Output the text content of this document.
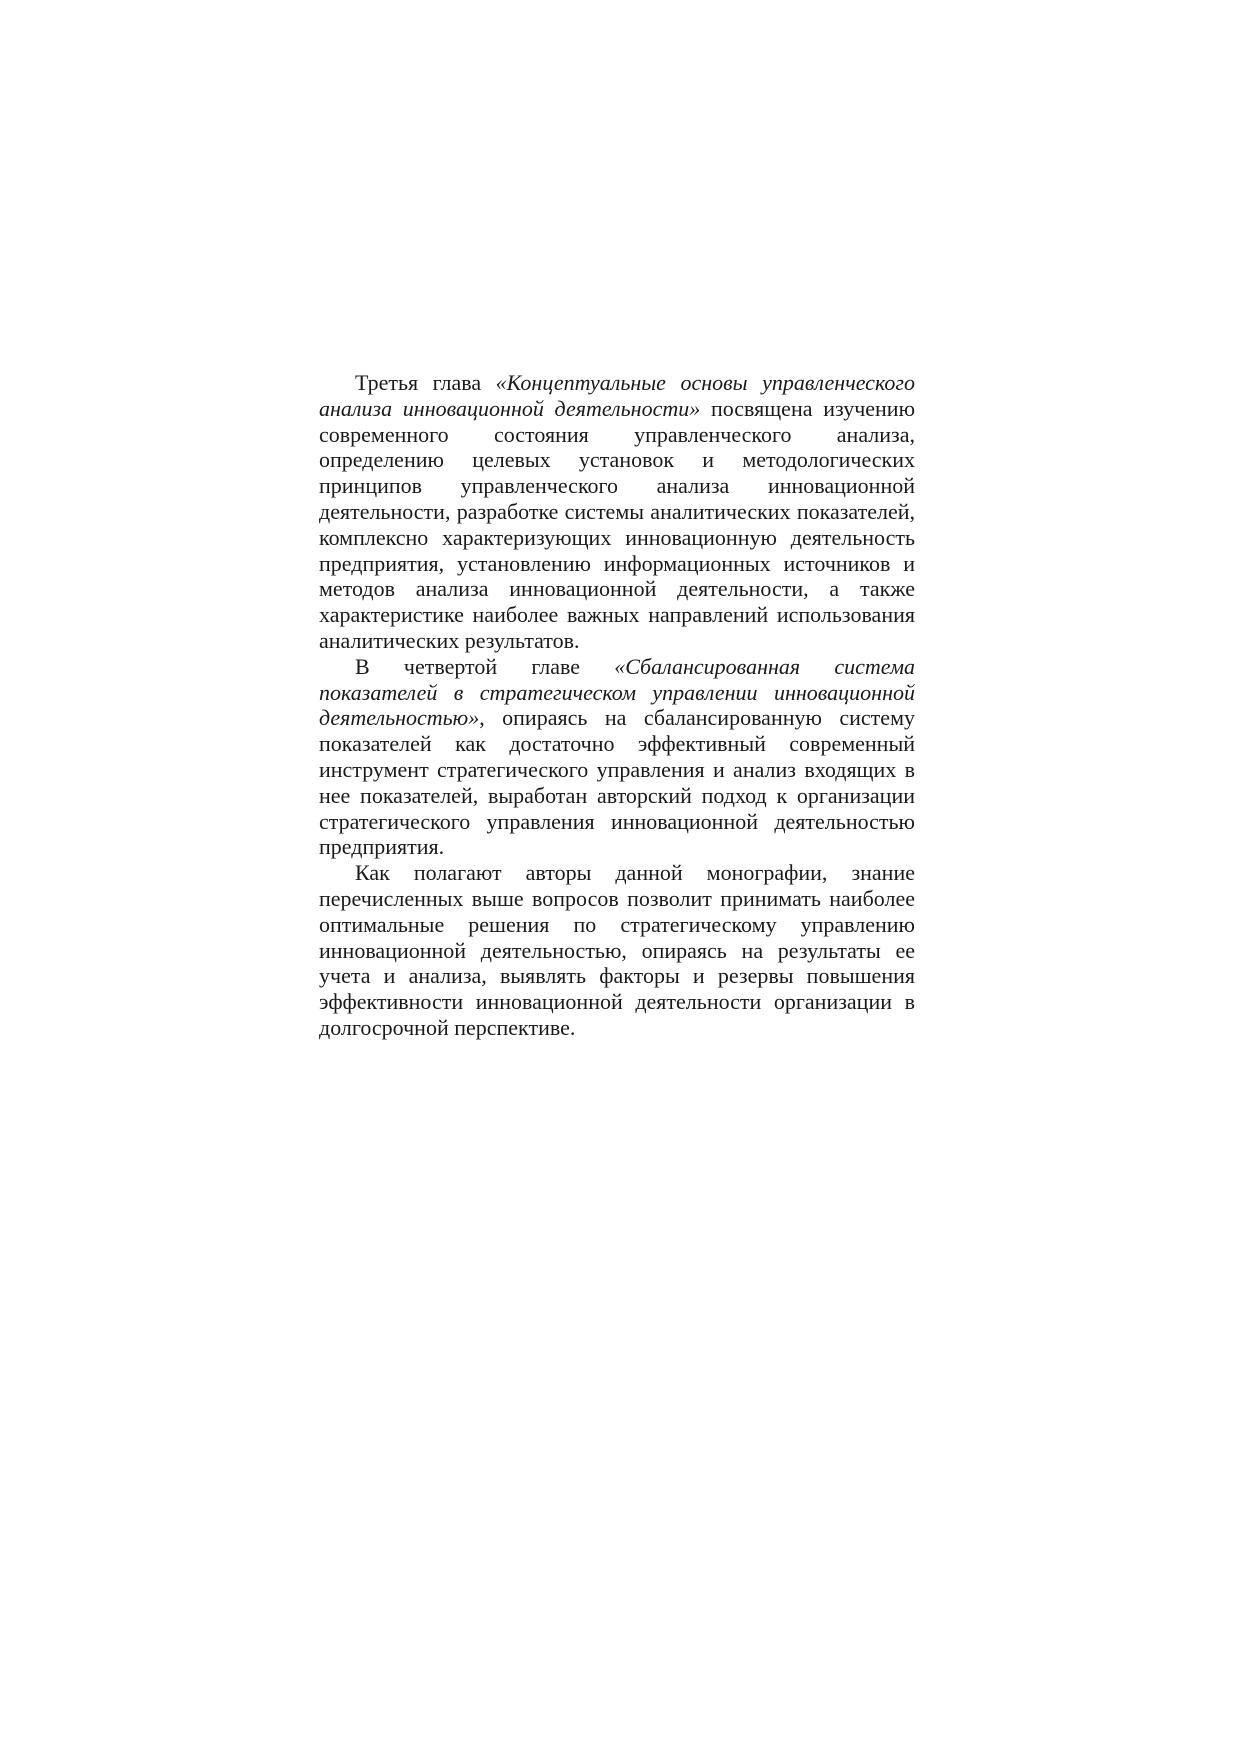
Третья глава «Концептуальные основы управленческого анализа инновационной деятельности» посвящена изучению современного состояния управленческого анализа, определению целевых установок и методологических принципов управленческого анализа инновационной деятельности, разработке системы аналитических показателей, комплексно характеризующих инновационную деятельность предприятия, установлению информационных источников и методов анализа инновационной деятельности, а также характеристике наиболее важных направлений использования аналитических результатов.

В четвертой главе «Сбалансированная система показателей в стратегическом управлении инновационной деятельностью», опираясь на сбалансированную систему показателей как достаточно эффективный современный инструмент стратегического управления и анализ входящих в нее показателей, выработан авторский подход к организации стратегического управления инновационной деятельностью предприятия.

Как полагают авторы данной монографии, знание перечисленных выше вопросов позволит принимать наиболее оптимальные решения по стратегическому управлению инновационной деятельностью, опираясь на результаты ее учета и анализа, выявлять факторы и резервы повышения эффективности инновационной деятельности организации в долгосрочной перспективе.
